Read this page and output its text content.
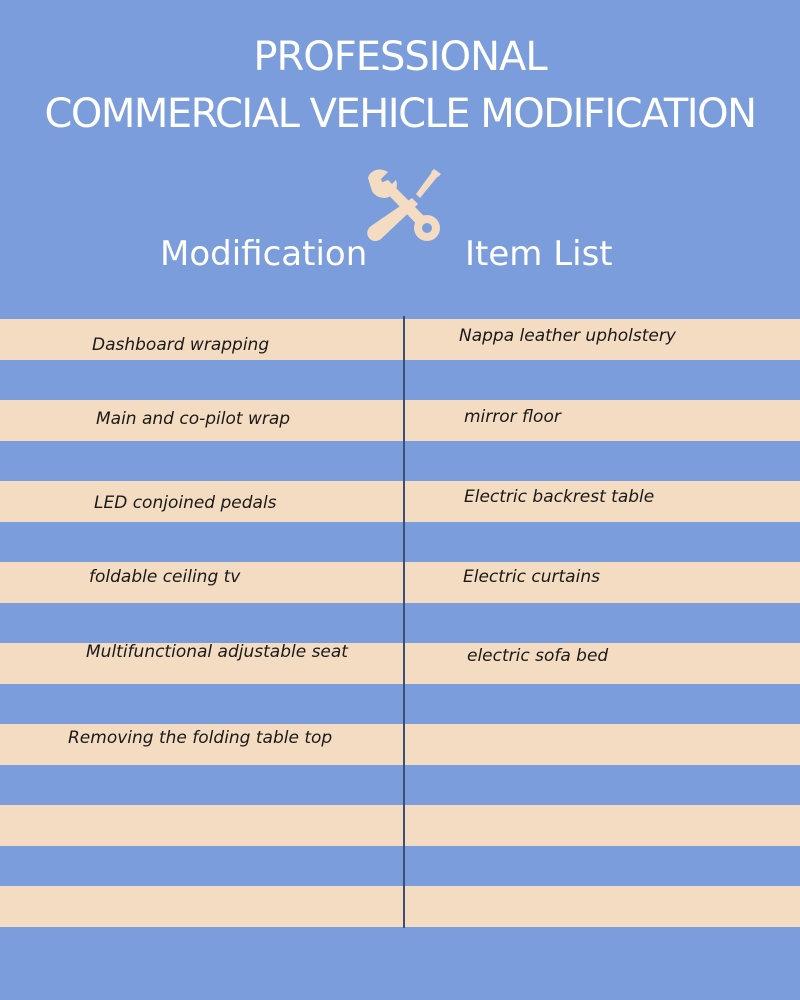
PROFESSIONAL
COMMERCIAL VEHICLE MODIFICATION
Modification	Item List
Dashboard wrapping
Main and co-pilot wrap
LED conjoined pedals
foldable ceiling tv
Multifunctional adjustable seat
Removing the folding table top
Nappa leather upholstery
mirror floor
Electric backrest table
Electric curtains
electric sofa bed
